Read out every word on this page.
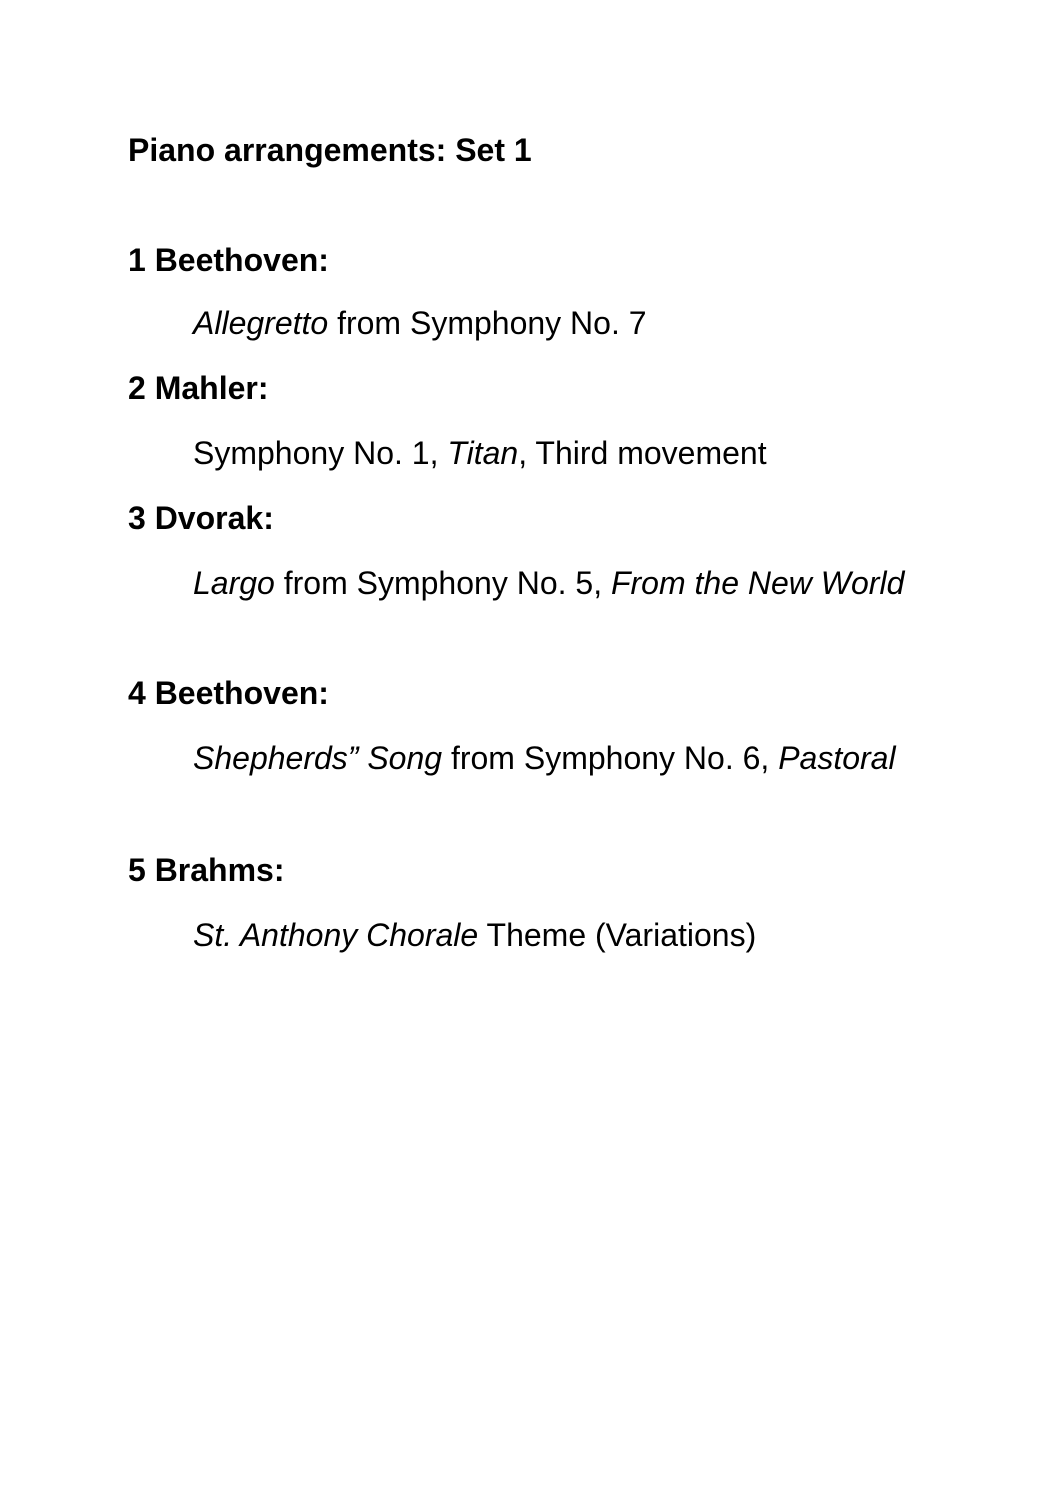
Piano arrangements: Set 1
1 Beethoven:

Allegretto from Symphony No. 7

2 Mahler:

Symphony No. 1, Titan, Third movement

3 Dvorak:

Largo from Symphony No. 5, From the New World

4 Beethoven:

Shepherds” Song from Symphony No. 6, Pastoral

5 Brahms:

St. Anthony Chorale Theme (Variations)
